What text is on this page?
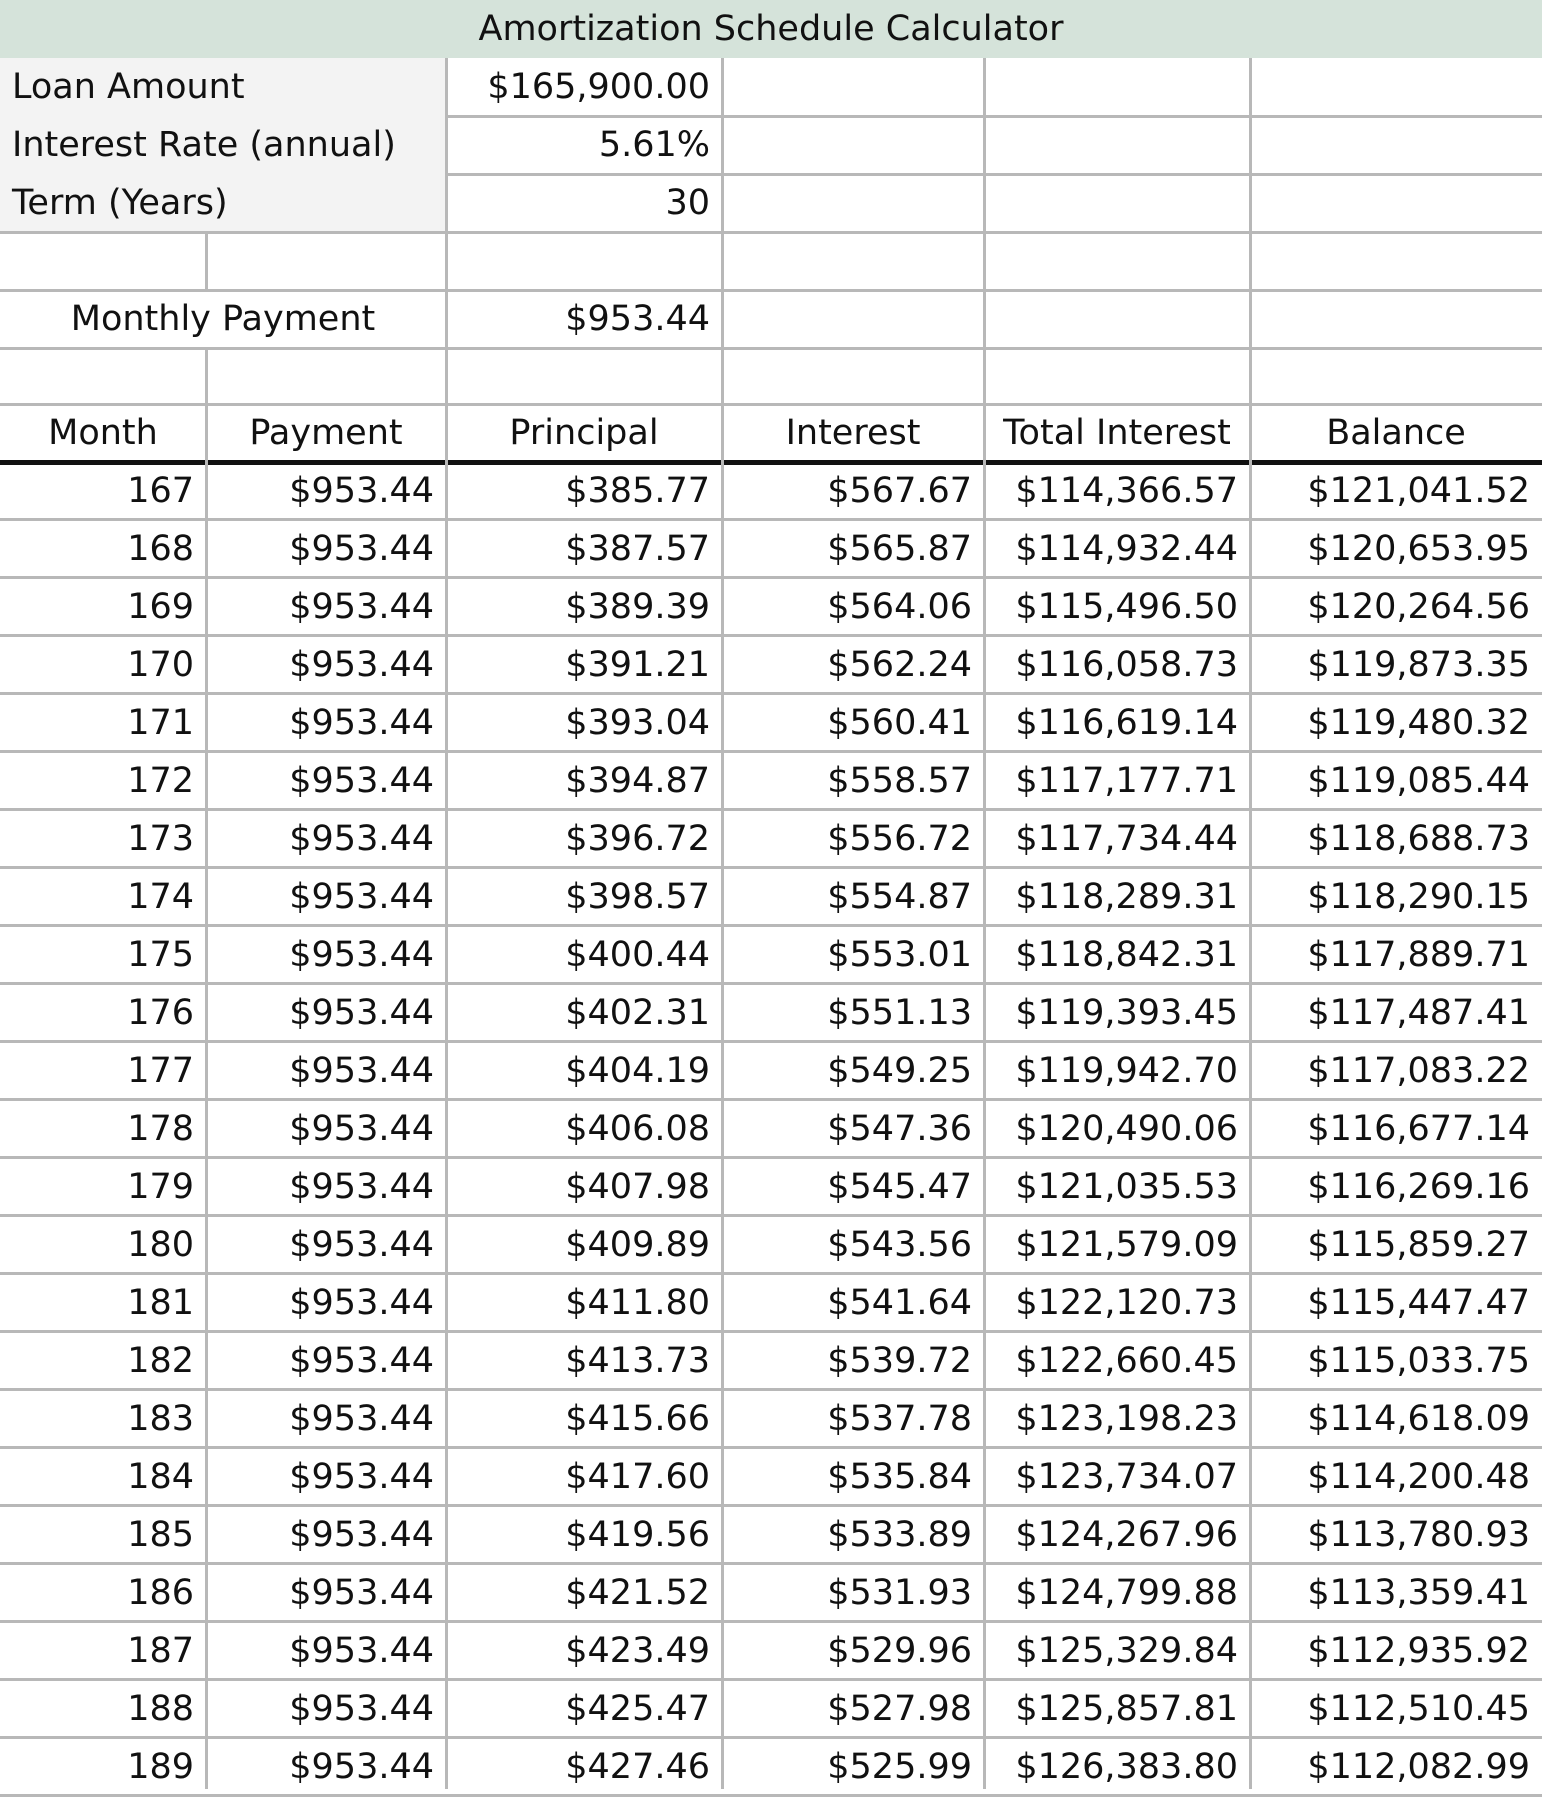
Amortization Schedule Calculator
Loan Amount	$165,900.00
Interest Rate (annual)	5.61%
Term (Years)	30
Monthly Payment	$953.44
Month	Payment	Principal	Interest	Total Interest	Balance
167	$953.44	$385.77	$567.67	$114,366.57	$121,041.52
168	$953.44	$387.57	$565.87	$114,932.44	$120,653.95
169	$953.44	$389.39	$564.06	$115,496.50	$120,264.56
170	$953.44	$391.21	$562.24	$116,058.73	$119,873.35
171	$953.44	$393.04	$560.41	$116,619.14	$119,480.32
172	$953.44	$394.87	$558.57	$117,177.71	$119,085.44
173	$953.44	$396.72	$556.72	$117,734.44	$118,688.73
174	$953.44	$398.57	$554.87	$118,289.31	$118,290.15
175	$953.44	$400.44	$553.01	$118,842.31	$117,889.71
176	$953.44	$402.31	$551.13	$119,393.45	$117,487.41
177	$953.44	$404.19	$549.25	$119,942.70	$117,083.22
178	$953.44	$406.08	$547.36	$120,490.06	$116,677.14
179	$953.44	$407.98	$545.47	$121,035.53	$116,269.16
180	$953.44	$409.89	$543.56	$121,579.09	$115,859.27
181	$953.44	$411.80	$541.64	$122,120.73	$115,447.47
182	$953.44	$413.73	$539.72	$122,660.45	$115,033.75
183	$953.44	$415.66	$537.78	$123,198.23	$114,618.09
184	$953.44	$417.60	$535.84	$123,734.07	$114,200.48
185	$953.44	$419.56	$533.89	$124,267.96	$113,780.93
186	$953.44	$421.52	$531.93	$124,799.88	$113,359.41
187	$953.44	$423.49	$529.96	$125,329.84	$112,935.92
188	$953.44	$425.47	$527.98	$125,857.81	$112,510.45
189	$953.44	$427.46	$525.99	$126,383.80	$112,082.99
